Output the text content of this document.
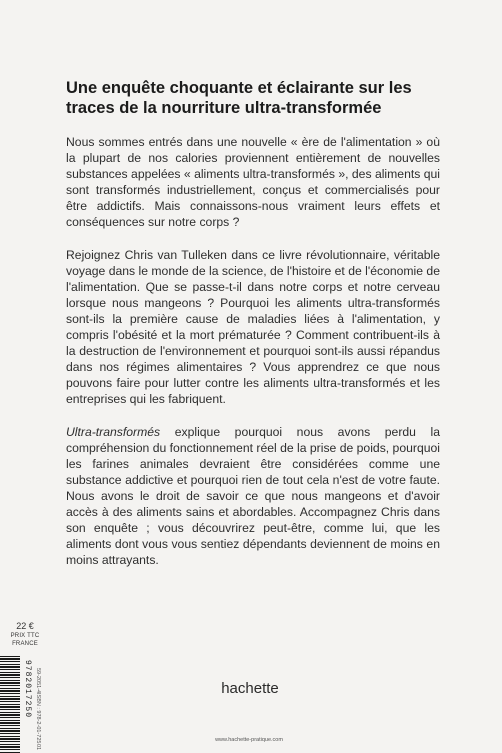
Une enquête choquante et éclairante sur les traces de la nourriture ultra-transformée

Nous sommes entrés dans une nouvelle « ère de l'alimentation » où la plupart de nos calories proviennent entièrement de nouvelles substances appelées « aliments ultra-transformés », des aliments qui sont transformés industriellement, conçus et commercialisés pour être addictifs. Mais connaissons-nous vraiment leurs effets et conséquences sur notre corps ?

Rejoignez Chris van Tulleken dans ce livre révolutionnaire, véritable voyage dans le monde de la science, de l'histoire et de l'économie de l'alimentation. Que se passe-t-il dans notre corps et notre cerveau lorsque nous mangeons ? Pourquoi les aliments ultra-transformés sont-ils la première cause de maladies liées à l'alimentation, y compris l'obésité et la mort prématurée ? Comment contribuent-ils à la destruction de l'environnement et pourquoi sont-ils aussi répandus dans nos régimes alimentaires ? Vous apprendrez ce que nous pouvons faire pour lutter contre les aliments ultra-transformés et les entreprises qui les fabriquent.

Ultra-transformés explique pourquoi nous avons perdu la compréhension du fonctionnement réel de la prise de poids, pourquoi les farines animales devraient être considérées comme une substance addictive et pourquoi rien de tout cela n'est de votre faute. Nous avons le droit de savoir ce que nous mangeons et d'avoir accès à des aliments sains et abordables. Accompagnez Chris dans son enquête ; vous découvrirez peut-être, comme lui, que les aliments dont vous vous sentiez dépendants deviennent de moins en moins attrayants.

22 €
PRIX TTC
FRANCE
9782017250 59-2051-4
ISBN : 978-2-01-725
01
hachette
www.hachette-pratique.com
